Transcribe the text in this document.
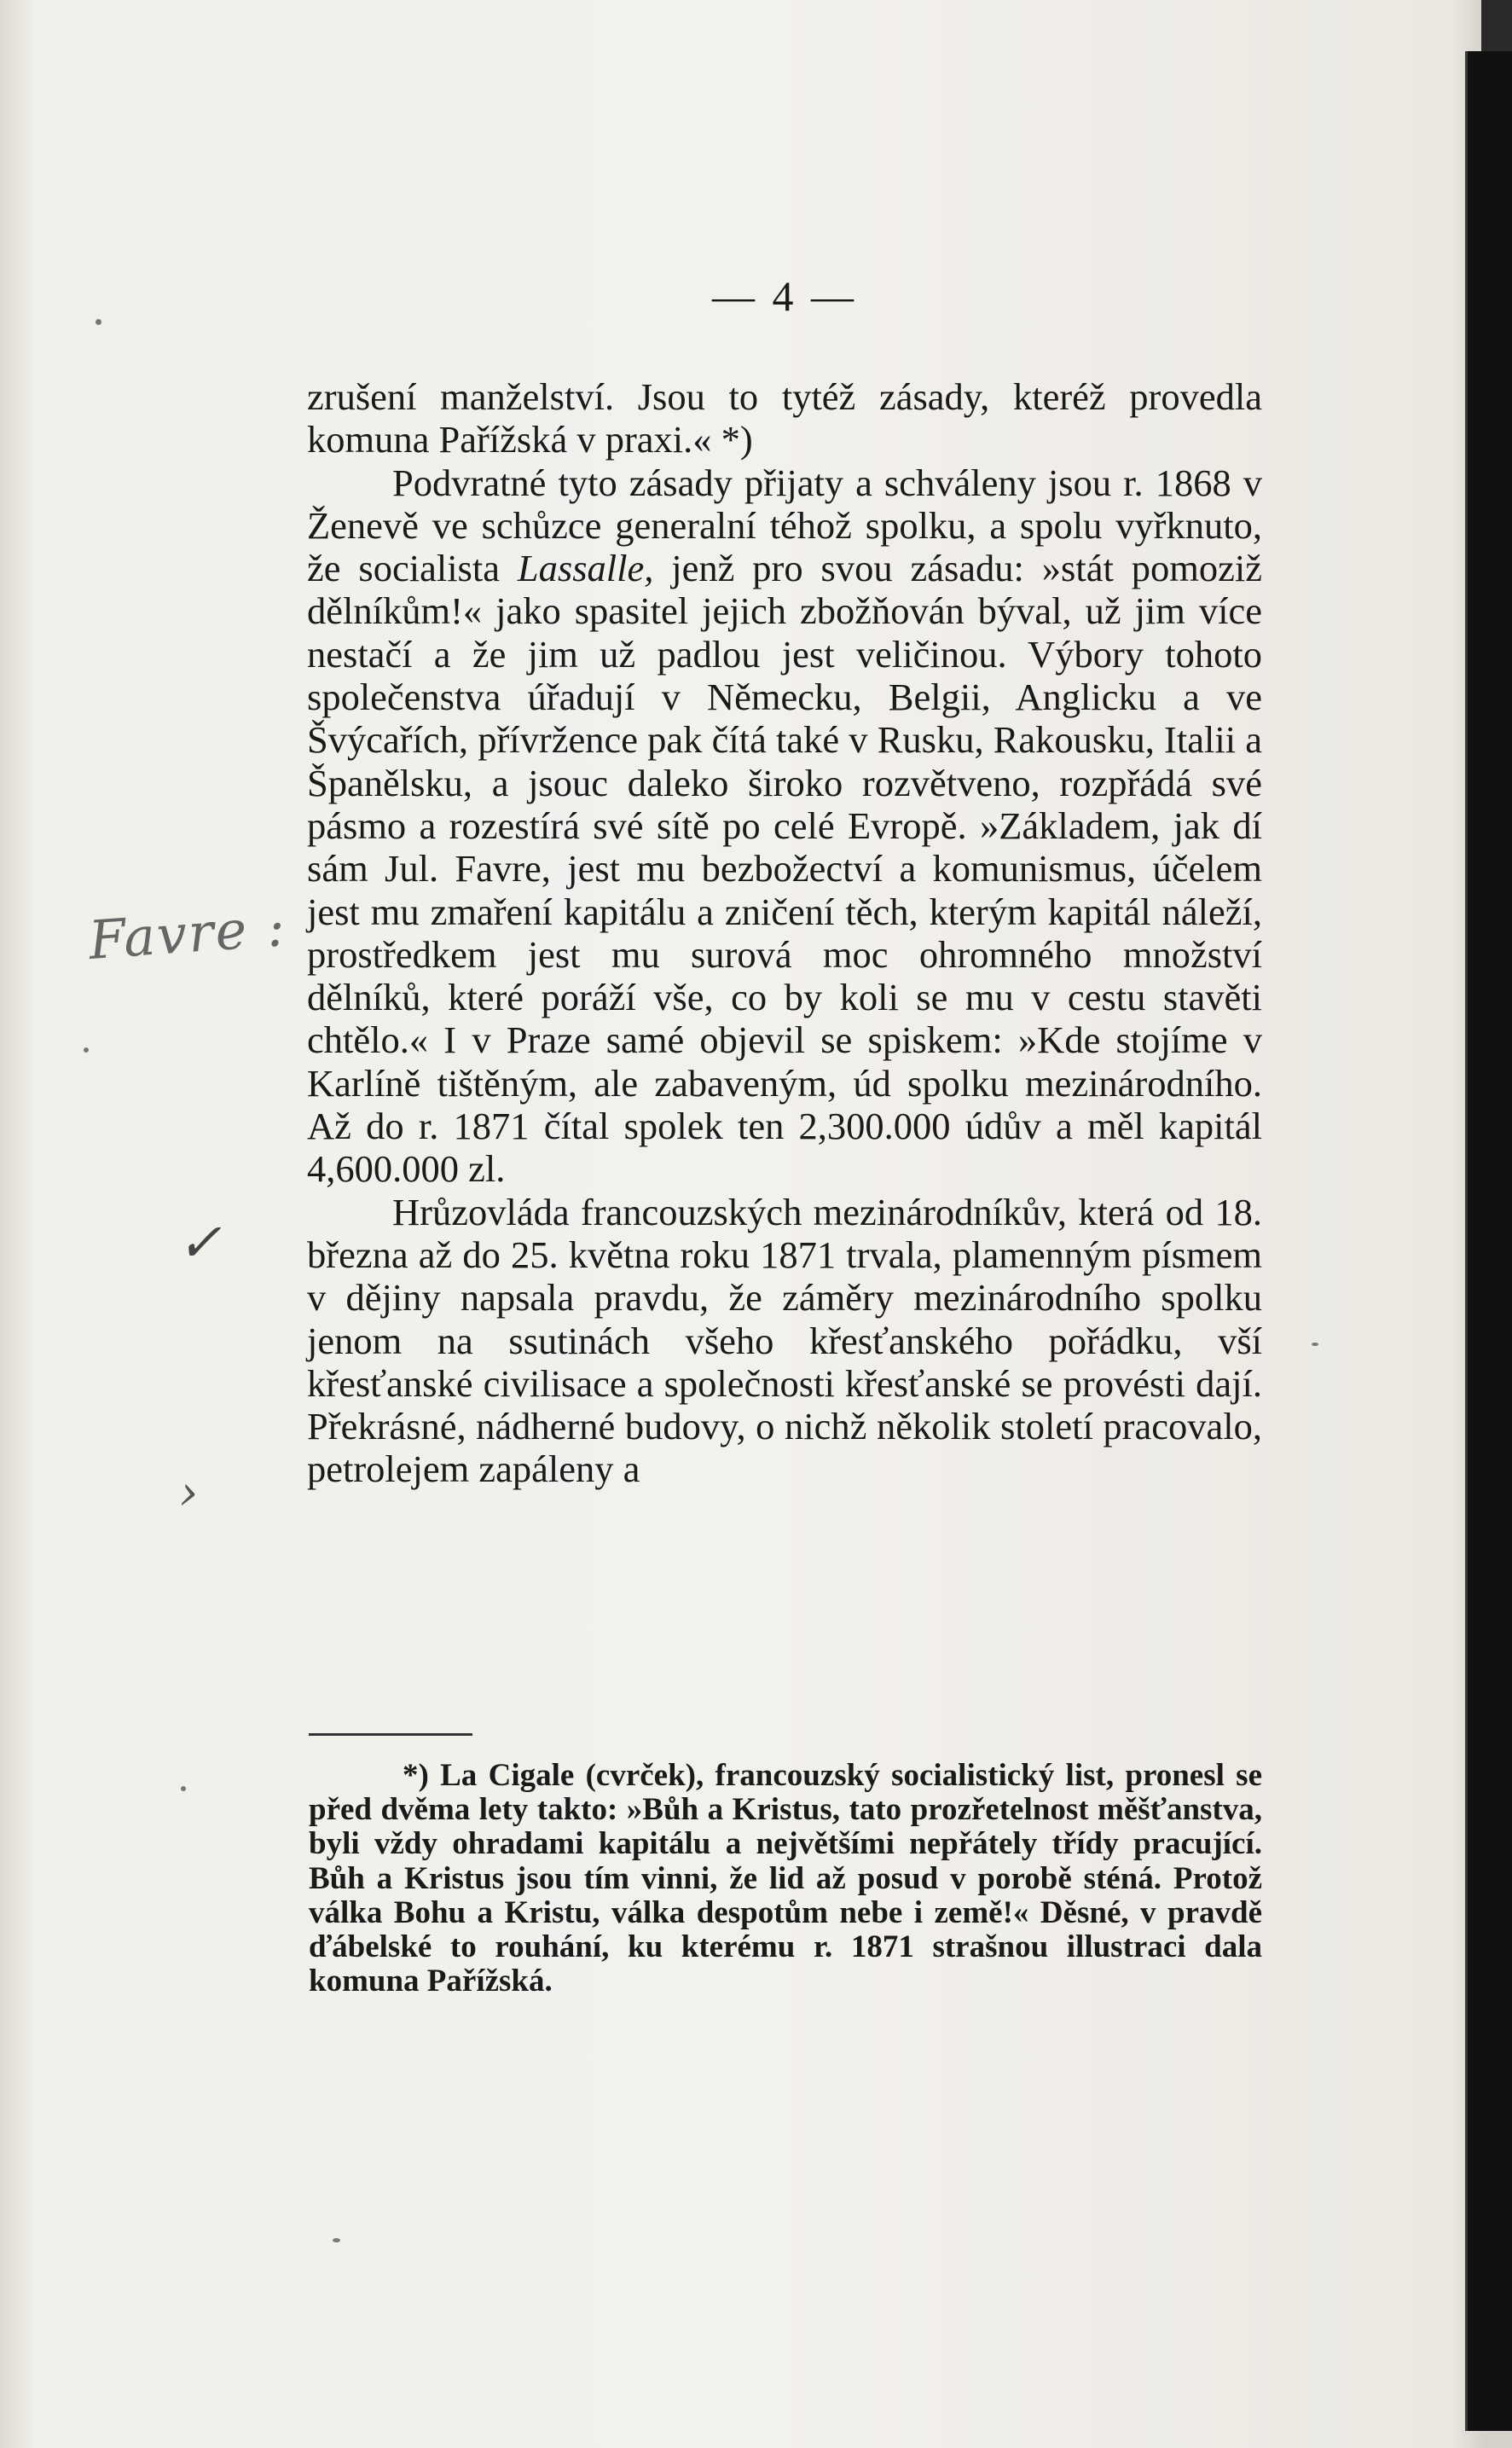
— 4 —

zrušení manželství. Jsou to tytéž zásady, kteréž provedla komuna Pařížská v praxi.« *)

Podvratné tyto zásady přijaty a schváleny jsou r. 1868 v Ženevě ve schůzce generalní téhož spolku, a spolu vyřknuto, že socialista Lassalle, jenž pro svou zásadu: »stát pomoziž dělníkům!« jako spasitel jejich zbožňován býval, už jim více nestačí a že jim už padlou jest veličinou. Výbory tohoto společenstva úřadují v Německu, Belgii, Anglicku a ve Švýcařích, přívržence pak čítá také v Rusku, Rakousku, Italii a Španělsku, a jsouc daleko široko rozvětveno, rozpřádá své pásmo a rozestírá své sítě po celé Evropě. »Základem, jak dí sám Jul. Favre, jest mu bezbožectví a komunismus, účelem jest mu zmaření kapitálu a zničení těch, kterým kapitál náleží, prostředkem jest mu surová moc ohromného množství dělníků, které poráží vše, co by koli se mu v cestu stavěti chtělo.« I v Praze samé objevil se spiskem: »Kde stojíme v Karlíně tištěným, ale zabaveným, úd spolku mezinárodního. Až do r. 1871 čítal spolek ten 2,300.000 údův a měl kapitál 4,600.000 zl.

Hrůzovláda francouzských mezinárodníkův, která od 18. března až do 25. května roku 1871 trvala, plamenným písmem v dějiny napsala pravdu, že záměry mezinárodního spolku jenom na ssutinách všeho křesťanského pořádku, vší křesťanské civilisace a společnosti křesťanské se provésti dají. Překrásné, nádherné budovy, o nichž několik století pracovalo, petrolejem zapáleny a

*) La Cigale (cvrček), francouzský socialistický list, pronesl se před dvěma lety takto: »Bůh a Kristus, tato prozřetelnost měšťanstva, byli vždy ohradami kapitálu a největšími nepřátely třídy pracující. Bůh a Kristus jsou tím vinni, že lid až posud v porobě sténá. Protož válka Bohu a Kristu, válka despotům nebe i země!« Děsné, v pravdě ďábelské to rouhání, ku kterému r. 1871 strašnou illustraci dala komuna Pařížská.

Favre :
✓
›
